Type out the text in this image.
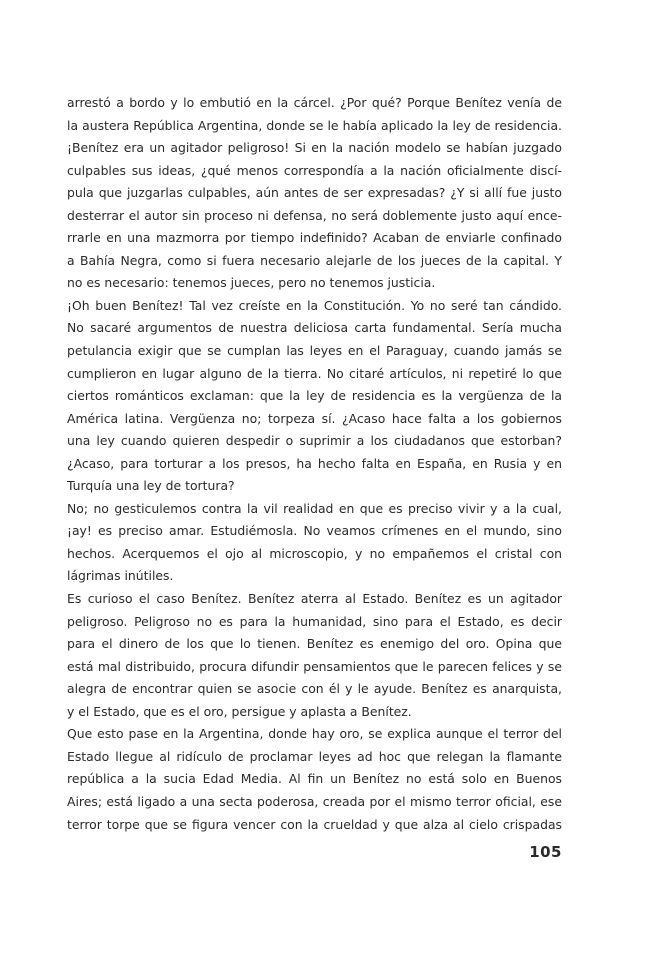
arrestó a bordo y lo embutió en la cárcel. ¿Por qué? Porque Benítez venía de
la austera República Argentina, donde se le había aplicado la ley de residencia.
¡Benítez era un agitador peligroso! Si en la nación modelo se habían juzgado
culpables sus ideas, ¿qué menos correspondía a la nación oficialmente discí-
pula que juzgarlas culpables, aún antes de ser expresadas? ¿Y si allí fue justo
desterrar el autor sin proceso ni defensa, no será doblemente justo aquí ence-
rrarle en una mazmorra por tiempo indefinido? Acaban de enviarle confinado
a Bahía Negra, como si fuera necesario alejarle de los jueces de la capital. Y
no es necesario: tenemos jueces, pero no tenemos justicia.
¡Oh buen Benítez! Tal vez creíste en la Constitución. Yo no seré tan cándido.
No sacaré argumentos de nuestra deliciosa carta fundamental. Sería mucha
petulancia exigir que se cumplan las leyes en el Paraguay, cuando jamás se
cumplieron en lugar alguno de la tierra. No citaré artículos, ni repetiré lo que
ciertos románticos exclaman: que la ley de residencia es la vergüenza de la
América latina. Vergüenza no; torpeza sí. ¿Acaso hace falta a los gobiernos
una ley cuando quieren despedir o suprimir a los ciudadanos que estorban?
¿Acaso, para torturar a los presos, ha hecho falta en España, en Rusia y en
Turquía una ley de tortura?
No; no gesticulemos contra la vil realidad en que es preciso vivir y a la cual,
¡ay! es preciso amar. Estudiémosla. No veamos crímenes en el mundo, sino
hechos. Acerquemos el ojo al microscopio, y no empañemos el cristal con
lágrimas inútiles.
Es curioso el caso Benítez. Benítez aterra al Estado. Benítez es un agitador
peligroso. Peligroso no es para la humanidad, sino para el Estado, es decir
para el dinero de los que lo tienen. Benítez es enemigo del oro. Opina que
está mal distribuido, procura difundir pensamientos que le parecen felices y se
alegra de encontrar quien se asocie con él y le ayude. Benítez es anarquista,
y el Estado, que es el oro, persigue y aplasta a Benítez.
Que esto pase en la Argentina, donde hay oro, se explica aunque el terror del
Estado llegue al ridículo de proclamar leyes ad hoc que relegan la flamante
república a la sucia Edad Media. Al fin un Benítez no está solo en Buenos
Aires; está ligado a una secta poderosa, creada por el mismo terror oficial, ese
terror torpe que se figura vencer con la crueldad y que alza al cielo crispadas
105
